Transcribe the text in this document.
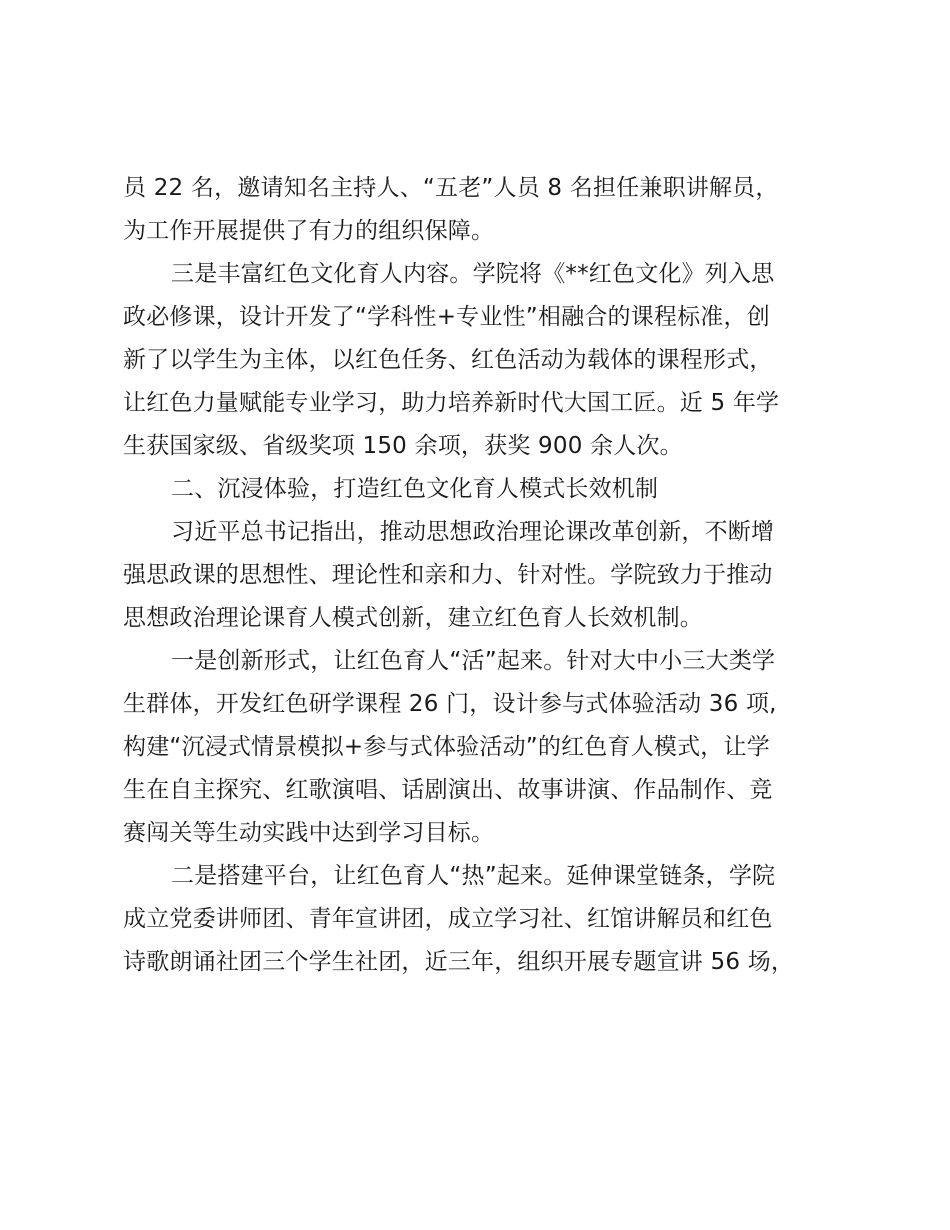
员 22 名，邀请知名主持人、“五老”人员 8 名担任兼职讲解员，
为工作开展提供了有力的组织保障。
三是丰富红色文化育人内容。学院将《**红色文化》列入思
政必修课，设计开发了“学科性+专业性”相融合的课程标准，创
新了以学生为主体，以红色任务、红色活动为载体的课程形式，
让红色力量赋能专业学习，助力培养新时代大国工匠。近 5 年学
生获国家级、省级奖项 150 余项，获奖 900 余人次。
二、沉浸体验，打造红色文化育人模式长效机制
习近平总书记指出，推动思想政治理论课改革创新，不断增
强思政课的思想性、理论性和亲和力、针对性。学院致力于推动
思想政治理论课育人模式创新，建立红色育人长效机制。
一是创新形式，让红色育人“活”起来。针对大中小三大类学
生群体，开发红色研学课程 26 门，设计参与式体验活动 36 项,
构建“沉浸式情景模拟+参与式体验活动”的红色育人模式，让学
生在自主探究、红歌演唱、话剧演出、故事讲演、作品制作、竞
赛闯关等生动实践中达到学习目标。
二是搭建平台，让红色育人“热”起来。延伸课堂链条，学院
成立党委讲师团、青年宣讲团，成立学习社、红馆讲解员和红色
诗歌朗诵社团三个学生社团，近三年，组织开展专题宣讲 56 场，
